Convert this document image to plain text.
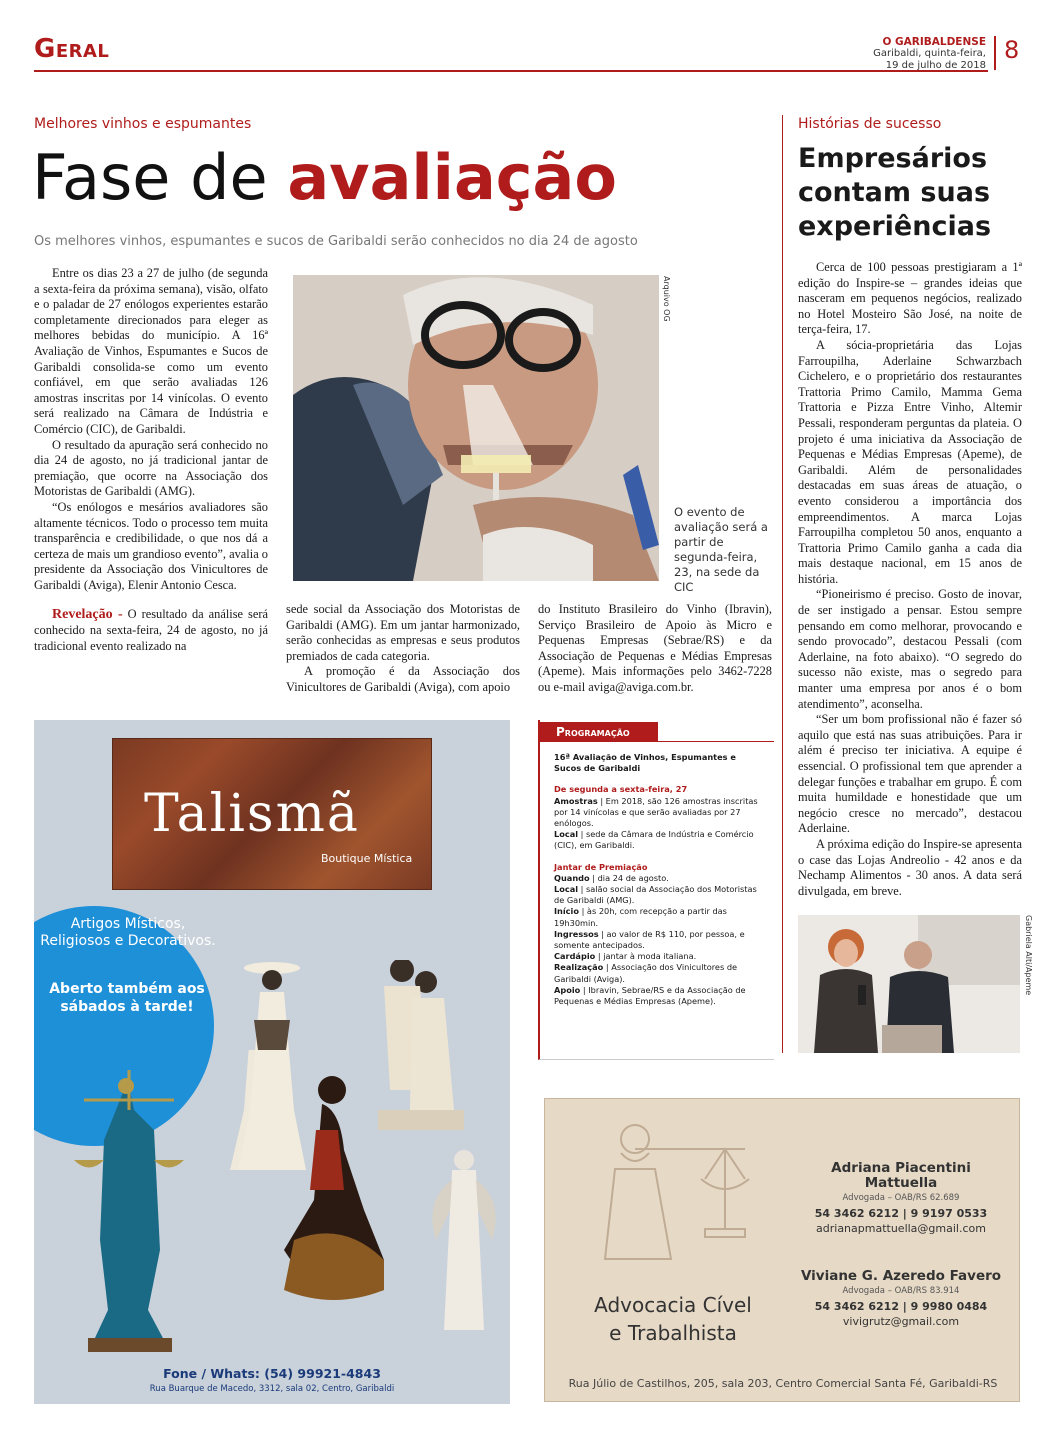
Geral	O GARIBALDENSE
Garibaldi, quinta-feira,
19 de julho de 2018
8
Melhores vinhos e espumantes
Fase de avaliação
Os melhores vinhos, espumantes e sucos de Garibaldi serão conhecidos no dia 24 de agosto

Entre os dias 23 a 27 de julho (de segunda a sexta-feira da próxima semana), visão, olfato e o paladar de 27 enólogos experientes estarão completamente direcionados para eleger as melhores bebidas do município. A 16ª Avaliação de Vinhos, Espumantes e Sucos de Garibaldi consolida-se como um evento confiável, em que serão avaliadas 126 amostras inscritas por 14 vinícolas. O evento será realizado na Câmara de Indústria e Comércio (CIC), de Garibaldi.

O resultado da apuração será conhecido no dia 24 de agosto, no já tradicional jantar de premiação, que ocorre na Associação dos Motoristas de Garibaldi (AMG).

“Os enólogos e mesários avaliadores são altamente técnicos. Todo o processo tem muita transparência e credibilidade, o que nos dá a certeza de mais um grandioso evento”, avalia o presidente da Associação dos Vinicultores de Garibaldi (Aviga), Elenir Antonio Cesca.

Revelação - O resultado da análise será conhecido na sexta-feira, 24 de agosto, no já tradicional evento realizado na

Arquivo OG
O evento de avaliação será a partir de segunda-feira, 23, na sede da CIC

sede social da Associação dos Motoristas de Garibaldi (AMG). Em um jantar harmonizado, serão conhecidas as empresas e seus produtos premiados de cada categoria.

A promoção é da Associação dos Vinicultores de Garibaldi (Aviga), com apoio

do Instituto Brasileiro do Vinho (Ibravin), Serviço Brasileiro de Apoio às Micro e Pequenas Empresas (Sebrae/RS) e da Associação de Pequenas e Médias Empresas (Apeme). Mais informações pelo 3462-7228 ou e-mail aviga@aviga.com.br.

Programação
16ª Avaliação de Vinhos, Espumantes e Sucos de Garibaldi
De segunda a sexta-feira, 27
Amostras | Em 2018, são 126 amostras inscritas por 14 vinícolas e que serão avaliadas por 27 enólogos.
Local | sede da Câmara de Indústria e Comércio (CIC), em Garibaldi.
Jantar de Premiação
Quando | dia 24 de agosto.
Local | salão social da Associação dos Motoristas de Garibaldi (AMG).
Início | às 20h, com recepção a partir das 19h30min.
Ingressos | ao valor de R$ 110, por pessoa, e somente antecipados.
Cardápio | jantar à moda italiana.
Realização | Associação dos Vinicultores de Garibaldi (Aviga).
Apoio | Ibravin, Sebrae/RS e da Associação de Pequenas e Médias Empresas (Apeme).
Histórias de sucesso
Empresários contam suas experiências

Cerca de 100 pessoas prestigiaram a 1ª edição do Inspire-se – grandes ideias que nasceram em pequenos negócios, realizado no Hotel Mosteiro São José, na noite de terça-feira, 17.

A sócia-proprietária das Lojas Farroupilha, Aderlaine Schwarzbach Cichelero, e o proprietário dos restaurantes Trattoria Primo Camilo, Mamma Gema Trattoria e Pizza Entre Vinho, Altemir Pessali, responderam perguntas da plateia. O projeto é uma iniciativa da Associação de Pequenas e Médias Empresas (Apeme), de Garibaldi. Além de personalidades destacadas em suas áreas de atuação, o evento considerou a importância dos empreendimentos. A marca Lojas Farroupilha completou 50 anos, enquanto a Trattoria Primo Camilo ganha a cada dia mais destaque nacional, em 15 anos de história.

“Pioneirismo é preciso. Gosto de inovar, de ser instigado a pensar. Estou sempre pensando em como melhorar, provocando e sendo provocado”, destacou Pessali (com Aderlaine, na foto abaixo). “O segredo do sucesso não existe, mas o segredo para manter uma empresa por anos é o bom atendimento”, aconselha.

“Ser um bom profissional não é fazer só aquilo que está nas suas atribuições. Para ir além é preciso ter iniciativa. A equipe é essencial. O profissional tem que aprender a delegar funções e trabalhar em grupo. É com muita humildade e honestidade que um negócio cresce no mercado”, destacou Aderlaine.

A próxima edição do Inspire-se apresenta o case das Lojas Andreolio - 42 anos e da Nechamp Alimentos - 30 anos. A data será divulgada, em breve.

Gabriela Alti/Apeme
Talismã
Boutique Mística
Artigos Místicos, Religiosos e Decorativos.
Aberto também aos sábados à tarde!
Fone / Whats: (54) 99921-4843
Rua Buarque de Macedo, 3312, sala 02, Centro, Garibaldi
Advocacia Cível
e Trabalhista
Adriana Piacentini Mattuella
Advogada – OAB/RS 62.689
54 3462 6212 | 9 9197 0533
adrianapmattuella@gmail.com
Viviane G. Azeredo Favero
Advogada – OAB/RS 83.914
54 3462 6212 | 9 9980 0484
vivigrutz@gmail.com
Rua Júlio de Castilhos, 205, sala 203, Centro Comercial Santa Fé, Garibaldi-RS
